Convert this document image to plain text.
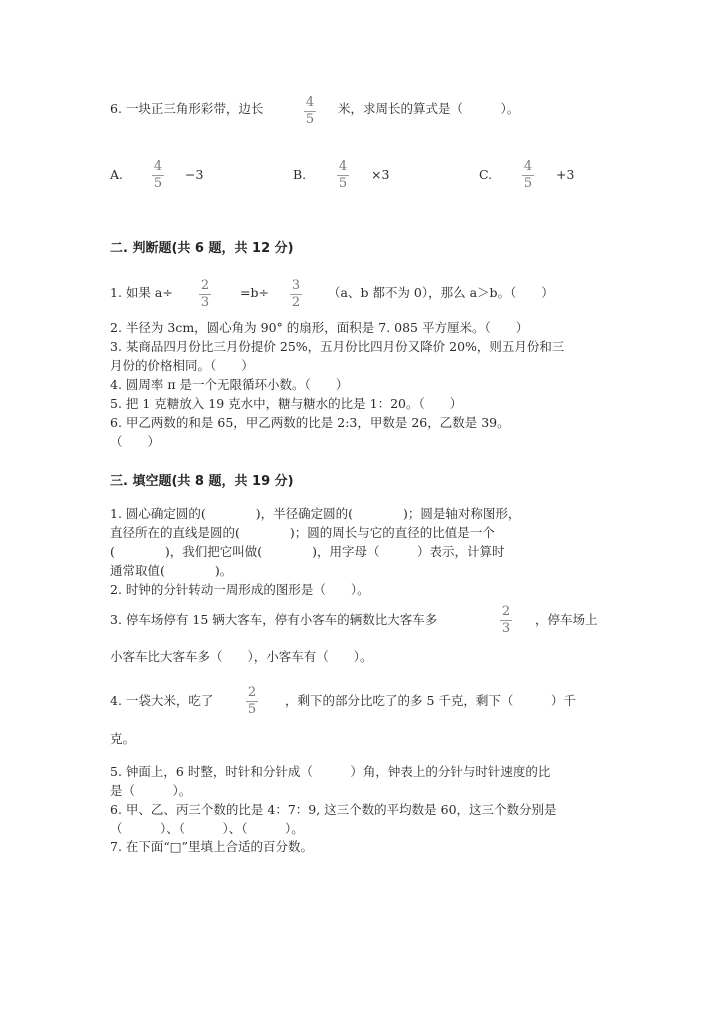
6. 一块正三角形彩带，边长	4
5
米，求周长的算式是（　　　）。
A.
4
5
−3	B.
4
5
×3	C.
4
5
+3
二. 判断题(共 6 题，共 12 分)
1. 如果 a÷ 2
3
=b÷ 3
2
（a、b 都不为 0），那么 a＞b。（　　）
2. 半径为 3cm，圆心角为 90° 的扇形，面积是 7. 085 平方厘米。（　　）
3. 某商品四月份比三月份提价 25%，五月份比四月份又降价 20%，则五月份和三
月份的价格相同。（　　）
4. 圆周率 π 是一个无限循环小数。（　　）
5. 把 1 克糖放入 19 克水中，糖与糖水的比是 1：20。（　　）
6. 甲乙两数的和是 65，甲乙两数的比是 2:3，甲数是 26，乙数是 39。
（　　）
三. 填空题(共 8 题，共 19 分)
1. 圆心确定圆的(　　　　)，半径确定圆的(　　　　)；圆是轴对称图形，
直径所在的直线是圆的(　　　　)；圆的周长与它的直径的比值是一个
(　　　　)，我们把它叫做(　　　　)，用字母（　　　）表示，计算时
通常取值(　　　　)。
2. 时钟的分针转动一周形成的图形是（　　）。
3. 停车场停有 15 辆大客车，停有小客车的辆数比大客车多
2
3
，停车场上
小客车比大客车多（　　），小客车有（　　）。
4. 一袋大米，吃了
2
5
，剩下的部分比吃了的多 5 千克，剩下（　　　）千
克。
5. 钟面上，6 时整，时针和分针成（　　　）角，钟表上的分针与时针速度的比
是（　　　）。
6. 甲、乙、丙三个数的比是 4：7：9, 这三个数的平均数是 60，这三个数分别是
（　　　）、（　　　）、（　　　）。
7. 在下面“□”里填上合适的百分数。
